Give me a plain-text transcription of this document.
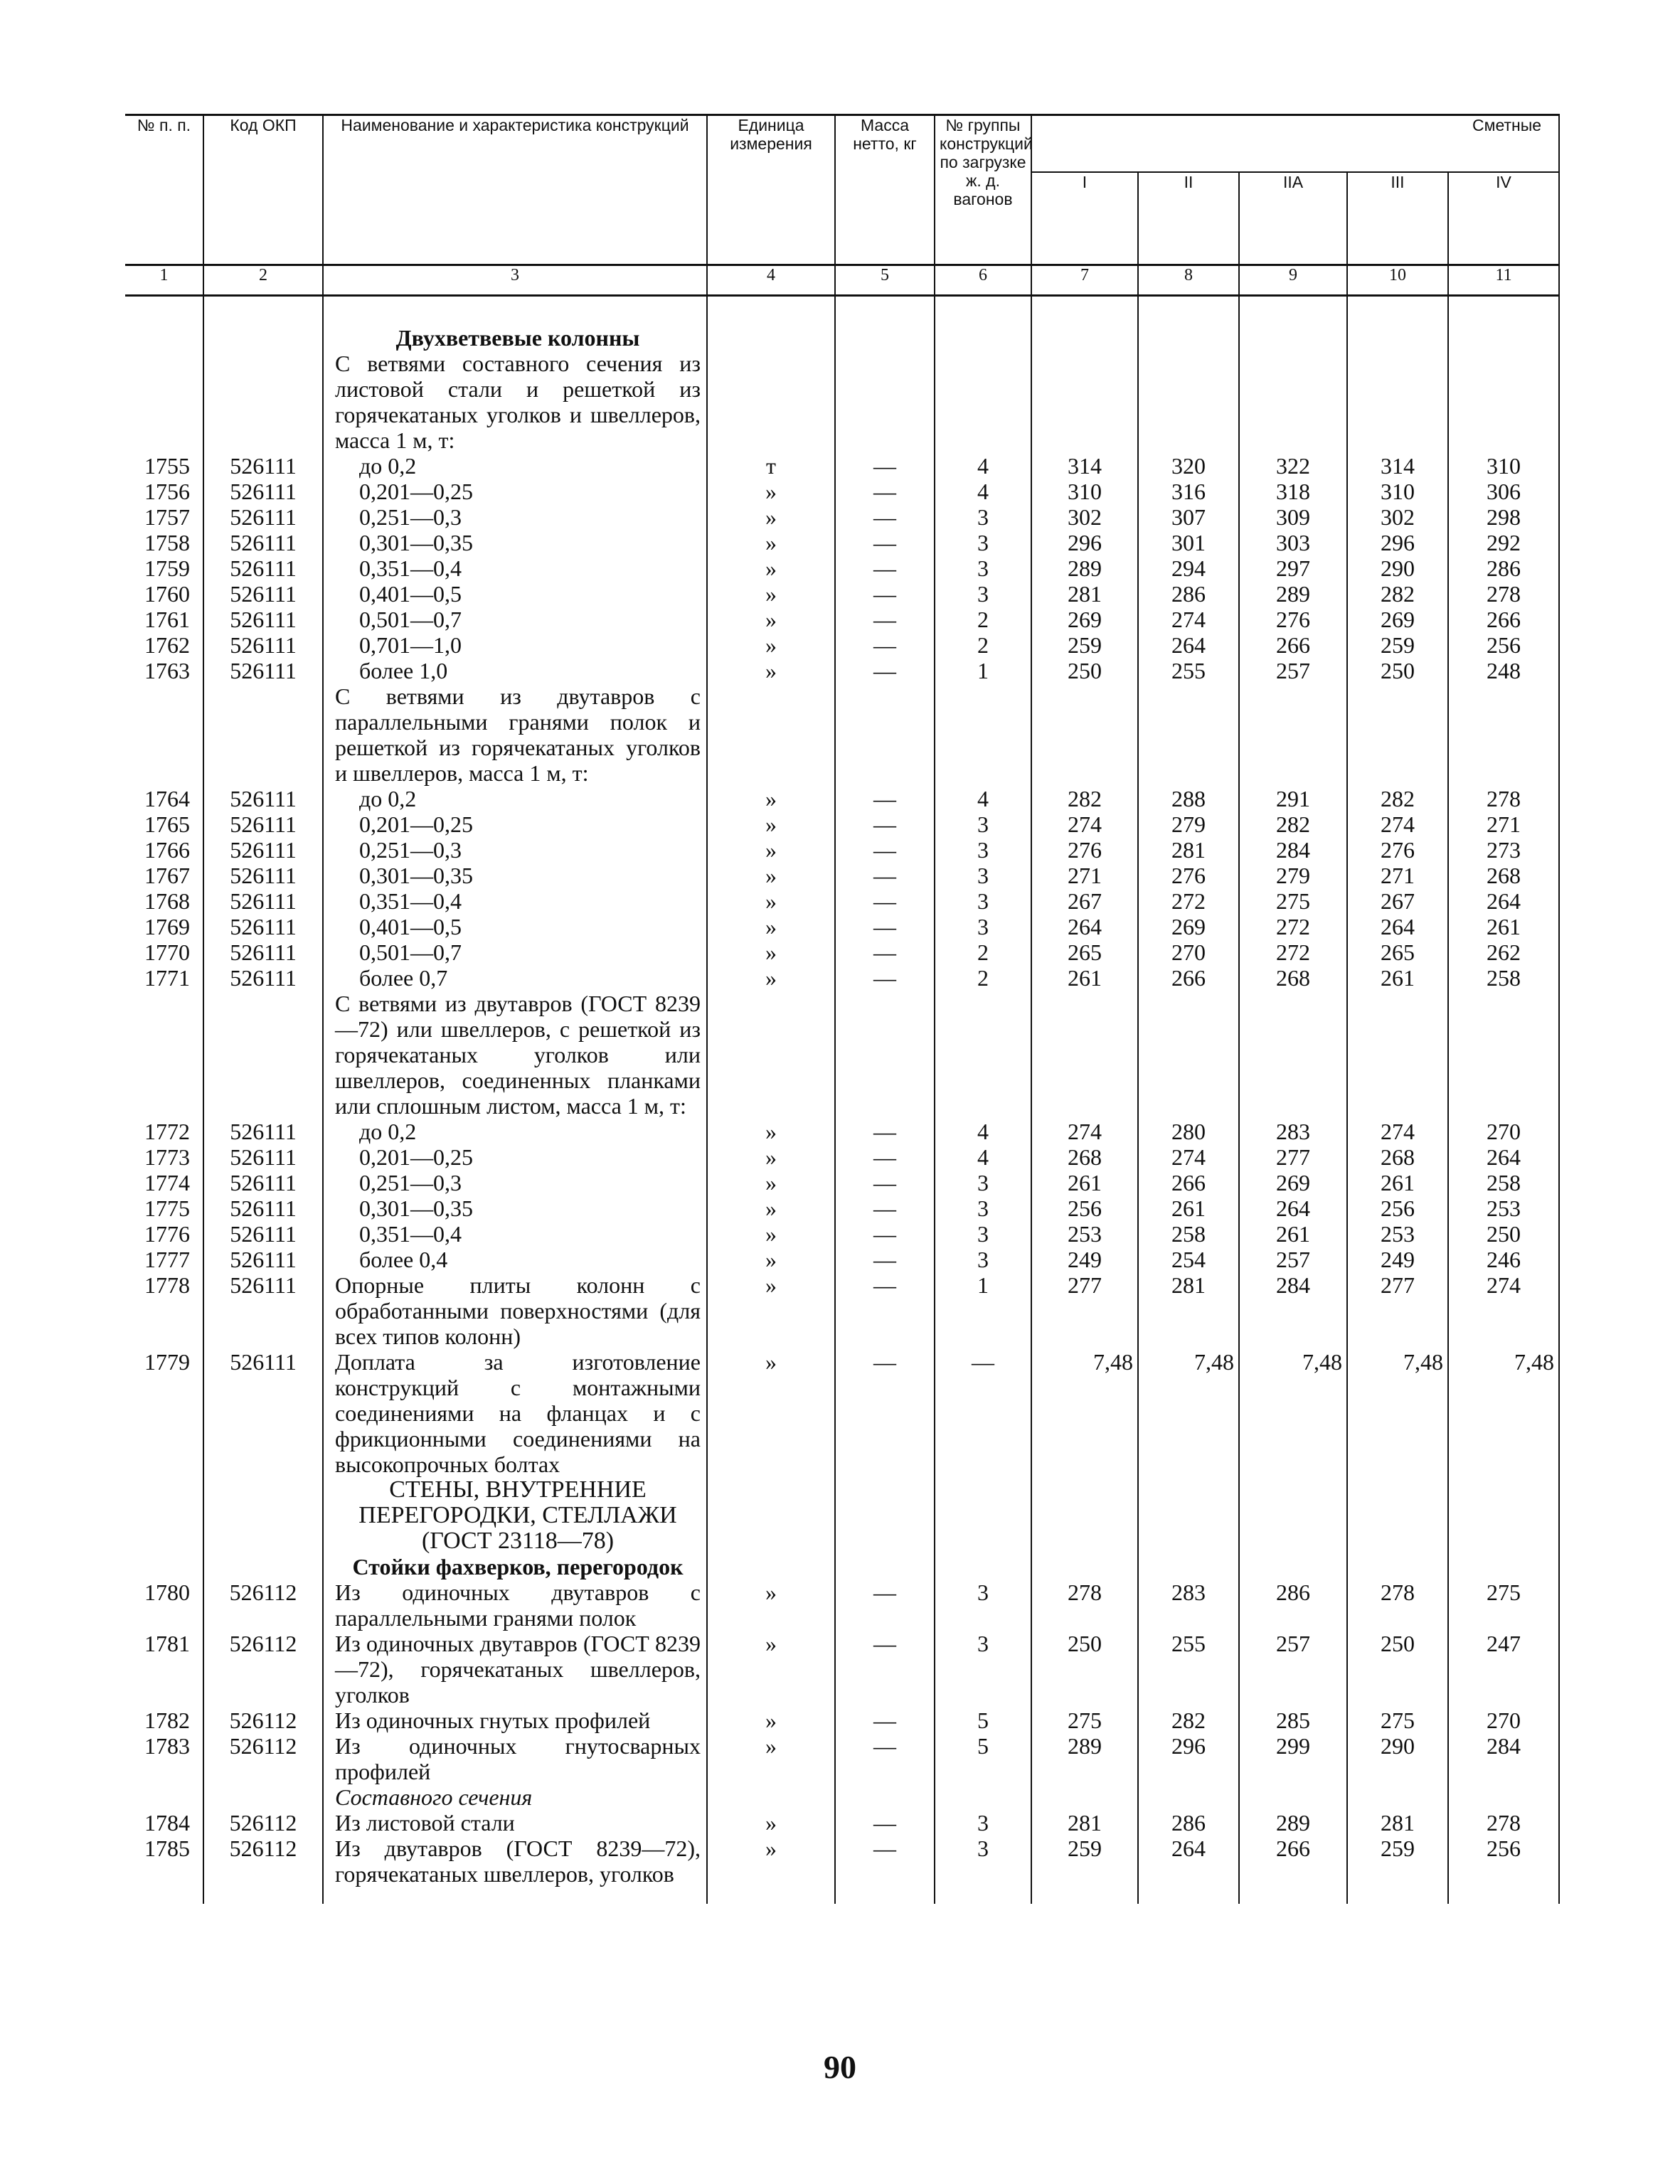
№ п. п.	Код ОКП	Наименование и характеристика конструкций	Единица измерения	Масса нетто, кг	№ группы конструкций по загрузке ж. д. вагонов	Сметные				
						I	II	IIA	III	IV
1	2	3	4	5	6	7	8	9	10	11

		Двухветвевые колонны								
		С ветвями составного сечения из листовой стали и решеткой из горячекатаных уголков и швеллеров, масса 1 м, т:								
1755	526111	до 0,2	т	—	4	314	320	322	314	310
1756	526111	0,201—0,25	»	—	4	310	316	318	310	306
1757	526111	0,251—0,3	»	—	3	302	307	309	302	298
1758	526111	0,301—0,35	»	—	3	296	301	303	296	292
1759	526111	0,351—0,4	»	—	3	289	294	297	290	286
1760	526111	0,401—0,5	»	—	3	281	286	289	282	278
1761	526111	0,501—0,7	»	—	2	269	274	276	269	266
1762	526111	0,701—1,0	»	—	2	259	264	266	259	256
1763	526111	более 1,0	»	—	1	250	255	257	250	248
		С ветвями из двутавров с параллельными гранями полок и решеткой из горячекатаных уголков и швеллеров, масса 1 м, т:								
1764	526111	до 0,2	»	—	4	282	288	291	282	278
1765	526111	0,201—0,25	»	—	3	274	279	282	274	271
1766	526111	0,251—0,3	»	—	3	276	281	284	276	273
1767	526111	0,301—0,35	»	—	3	271	276	279	271	268
1768	526111	0,351—0,4	»	—	3	267	272	275	267	264
1769	526111	0,401—0,5	»	—	3	264	269	272	264	261
1770	526111	0,501—0,7	»	—	2	265	270	272	265	262
1771	526111	более 0,7	»	—	2	261	266	268	261	258
		С ветвями из двутавров (ГОСТ 8239—72) или швеллеров, с решеткой из горячекатаных уголков или швеллеров, соединенных планками или сплошным листом, масса 1 м, т:								
1772	526111	до 0,2	»	—	4	274	280	283	274	270
1773	526111	0,201—0,25	»	—	4	268	274	277	268	264
1774	526111	0,251—0,3	»	—	3	261	266	269	261	258
1775	526111	0,301—0,35	»	—	3	256	261	264	256	253
1776	526111	0,351—0,4	»	—	3	253	258	261	253	250
1777	526111	более 0,4	»	—	3	249	254	257	249	246
1778	526111	Опорные плиты колонн с обработанными поверхностями (для всех типов колонн)	»	—	1	277	281	284	277	274
1779	526111	Доплата за изготовление конструкций с монтажными соединениями на фланцах и с фрикционными соединениями на высокопрочных болтах	»	—	—	7,48	7,48	7,48	7,48	7,48
		СТЕНЫ, ВНУТРЕННИЕ ПЕРЕГОРОДКИ, СТЕЛЛАЖИ (ГОСТ 23118—78)								
		Стойки фахверков, перегородок								
1780	526112	Из одиночных двутавров с параллельными гранями полок	»	—	3	278	283	286	278	275
1781	526112	Из одиночных двутавров (ГОСТ 8239—72), горячекатаных швеллеров, уголков	»	—	3	250	255	257	250	247
1782	526112	Из одиночных гнутых профилей	»	—	5	275	282	285	275	270
1783	526112	Из одиночных гнутосварных профилей	»	—	5	289	296	299	290	284
		Составного сечения								
1784	526112	Из листовой стали	»	—	3	281	286	289	281	278
1785	526112	Из двутавров (ГОСТ 8239—72), горячекатаных швеллеров, уголков	»	—	3	259	264	266	259	256

90
